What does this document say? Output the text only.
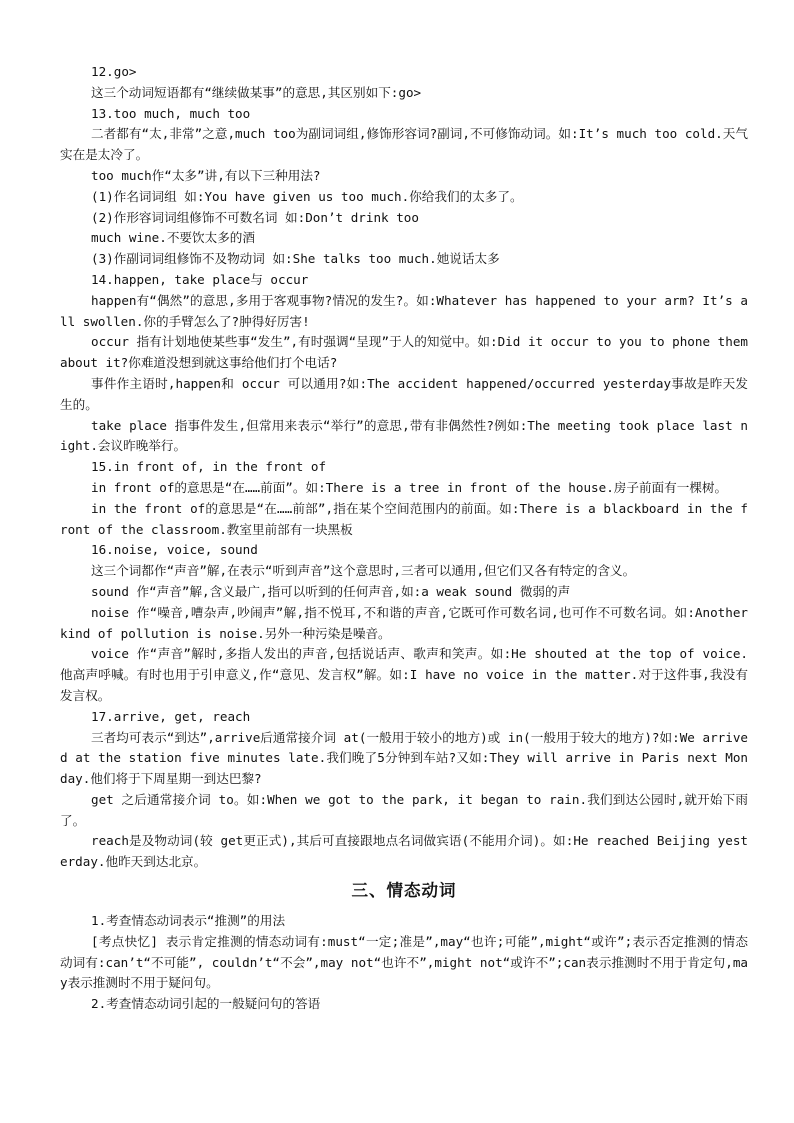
12.go>

这三个动词短语都有“继续做某事”的意思,其区别如下:go>

13.too much, much too

二者都有“太,非常”之意,much too为副词词组,修饰形容词?副词,不可修饰动词。如:It’s much too cold.天气实在是太冷了。

too much作“太多”讲,有以下三种用法?

(1)作名词词组 如:You have given us too much.你给我们的太多了。

(2)作形容词词组修饰不可数名词 如:Don’t drink too

much wine.不要饮太多的酒

(3)作副词词组修饰不及物动词 如:She talks too much.她说话太多

14.happen, take place与 occur

happen有“偶然”的意思,多用于客观事物?情况的发生?。如:Whatever has happened to your arm? It’s all swollen.你的手臂怎么了?肿得好厉害!

occur 指有计划地使某些事“发生”,有时强调“呈现”于人的知觉中。如:Did it occur to you to phone them about it?你难道没想到就这事给他们打个电话?

事件作主语时,happen和 occur 可以通用?如:The accident happened/occurred yesterday事故是昨天发生的。

take place 指事件发生,但常用来表示“举行”的意思,带有非偶然性?例如:The meeting took place last night.会议昨晚举行。

15.in front of, in the front of

in front of的意思是“在……前面”。如:There is a tree in front of the house.房子前面有一棵树。

in the front of的意思是“在……前部”,指在某个空间范围内的前面。如:There is a blackboard in the front of the classroom.教室里前部有一块黑板

16.noise, voice, sound

这三个词都作“声音”解,在表示“听到声音”这个意思时,三者可以通用,但它们又各有特定的含义。

sound 作“声音”解,含义最广,指可以听到的任何声音,如:a weak sound 微弱的声

noise 作“噪音,嘈杂声,吵闹声”解,指不悦耳,不和谐的声音,它既可作可数名词,也可作不可数名词。如:Another kind of pollution is noise.另外一种污染是噪音。

voice 作“声音”解时,多指人发出的声音,包括说话声、歌声和笑声。如:He shouted at the top of voice.他高声呼喊。有时也用于引申意义,作“意见、发言权”解。如:I have no voice in the matter.对于这件事,我没有发言权。

17.arrive, get, reach

三者均可表示“到达”,arrive后通常接介词 at(一般用于较小的地方)或 in(一般用于较大的地方)?如:We arrived at the station five minutes late.我们晚了5分钟到车站?又如:They will arrive in Paris next Monday.他们将于下周星期一到达巴黎?

get 之后通常接介词 to。如:When we got to the park, it began to rain.我们到达公园时,就开始下雨了。

reach是及物动词(较 get更正式),其后可直接跟地点名词做宾语(不能用介词)。如:He reached Beijing yesterday.他昨天到达北京。

三、情态动词

1.考查情态动词表示“推测”的用法

[考点快忆] 表示肯定推测的情态动词有:must“一定;准是”,may“也许;可能”,might“或许”;表示否定推测的情态动词有:can’t“不可能”, couldn’t“不会”,may not“也许不”,might not“或许不”;can表示推测时不用于肯定句,may表示推测时不用于疑问句。

2.考查情态动词引起的一般疑问句的答语
